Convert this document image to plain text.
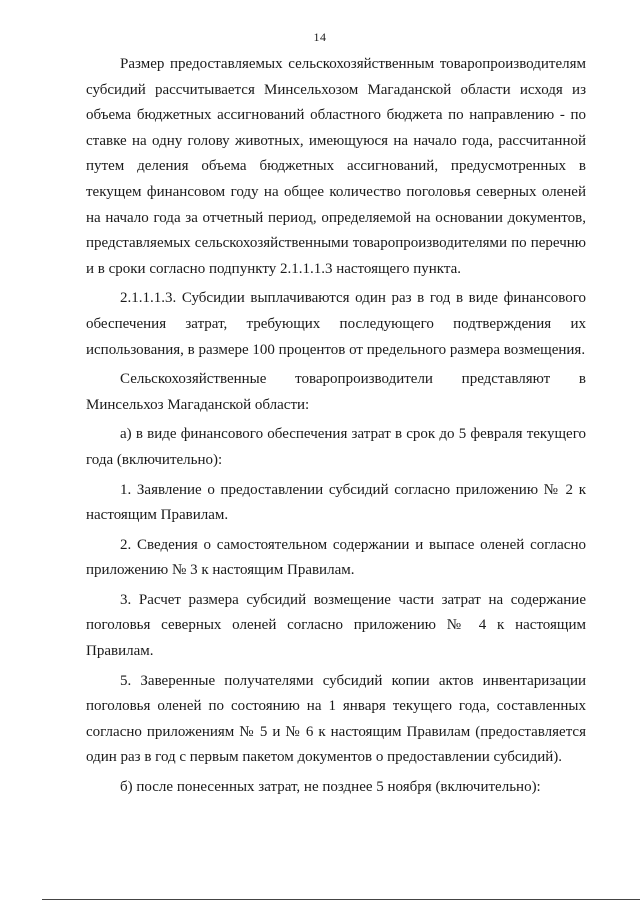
14

Размер предоставляемых сельскохозяйственным товаропроизводителям субсидий рассчитывается Минсельхозом Магаданской области исходя из объема бюджетных ассигнований областного бюджета по направлению - по ставке на одну голову животных, имеющуюся на начало года, рассчитанной путем деления объема бюджетных ассигнований, предусмотренных в текущем финансовом году на общее количество поголовья северных оленей на начало года за отчетный период, определяемой на основании документов, представляемых сельскохозяйственными товаропроизводителями по перечню и в сроки согласно подпункту 2.1.1.1.3 настоящего пункта.

2.1.1.1.3. Субсидии выплачиваются один раз в год в виде финансового обеспечения затрат, требующих последующего подтверждения их использования, в размере 100 процентов от предельного размера возмещения.

Сельскохозяйственные товаропроизводители представляют в Минсельхоз Магаданской области:

а) в виде финансового обеспечения затрат в срок до 5 февраля текущего года (включительно):

1. Заявление о предоставлении субсидий согласно приложению № 2 к настоящим Правилам.

2. Сведения о самостоятельном содержании и выпасе оленей согласно приложению № 3 к настоящим Правилам.

3. Расчет размера субсидий возмещение части затрат на содержание поголовья северных оленей согласно приложению № 4 к настоящим Правилам.

5. Заверенные получателями субсидий копии актов инвентаризации поголовья оленей по состоянию на 1 января текущего года, составленных согласно приложениям № 5 и № 6 к настоящим Правилам (предоставляется один раз в год с первым пакетом документов о предоставлении субсидий).

б) после понесенных затрат, не позднее 5 ноября (включительно):
